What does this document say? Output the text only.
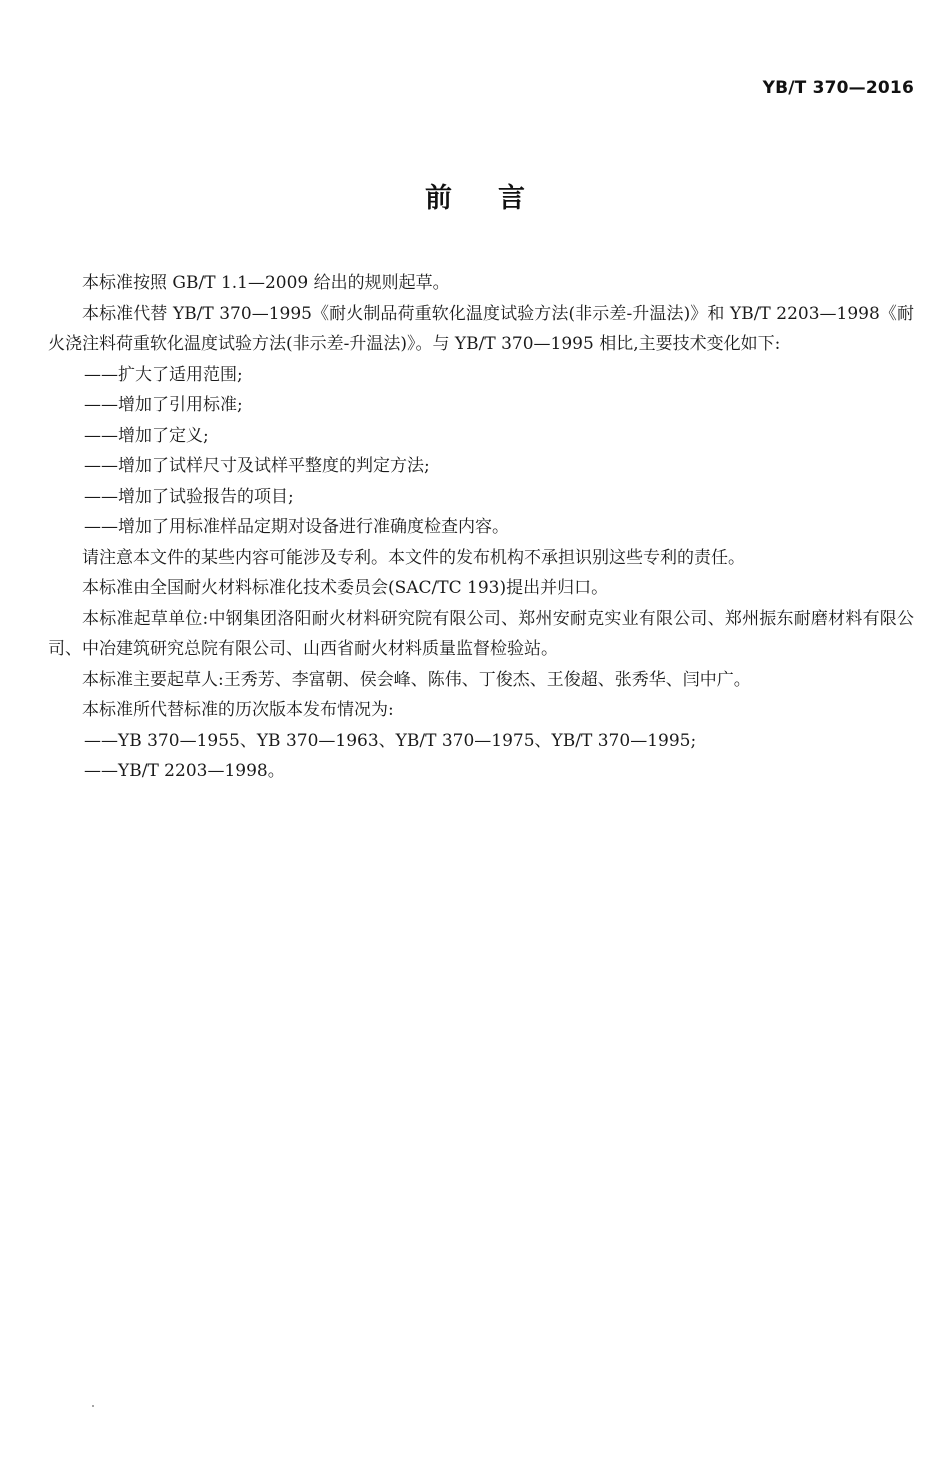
YB/T 370—2016
前言

本标准按照 GB/T 1.1—2009 给出的规则起草。

本标准代替 YB/T 370—1995《耐火制品荷重软化温度试验方法(非示差-升温法)》和 YB/T 2203—1998《耐火浇注料荷重软化温度试验方法(非示差-升温法)》。与 YB/T 370—1995 相比,主要技术变化如下:

——扩大了适用范围;

——增加了引用标准;

——增加了定义;

——增加了试样尺寸及试样平整度的判定方法;

——增加了试验报告的项目;

——增加了用标准样品定期对设备进行准确度检查内容。

请注意本文件的某些内容可能涉及专利。本文件的发布机构不承担识别这些专利的责任。

本标准由全国耐火材料标准化技术委员会(SAC/TC 193)提出并归口。

本标准起草单位:中钢集团洛阳耐火材料研究院有限公司、郑州安耐克实业有限公司、郑州振东耐磨材料有限公司、中冶建筑研究总院有限公司、山西省耐火材料质量监督检验站。

本标准主要起草人:王秀芳、李富朝、侯会峰、陈伟、丁俊杰、王俊超、张秀华、闫中广。

本标准所代替标准的历次版本发布情况为:

——YB 370—1955、YB 370—1963、YB/T 370—1975、YB/T 370—1995;

——YB/T 2203—1998。
